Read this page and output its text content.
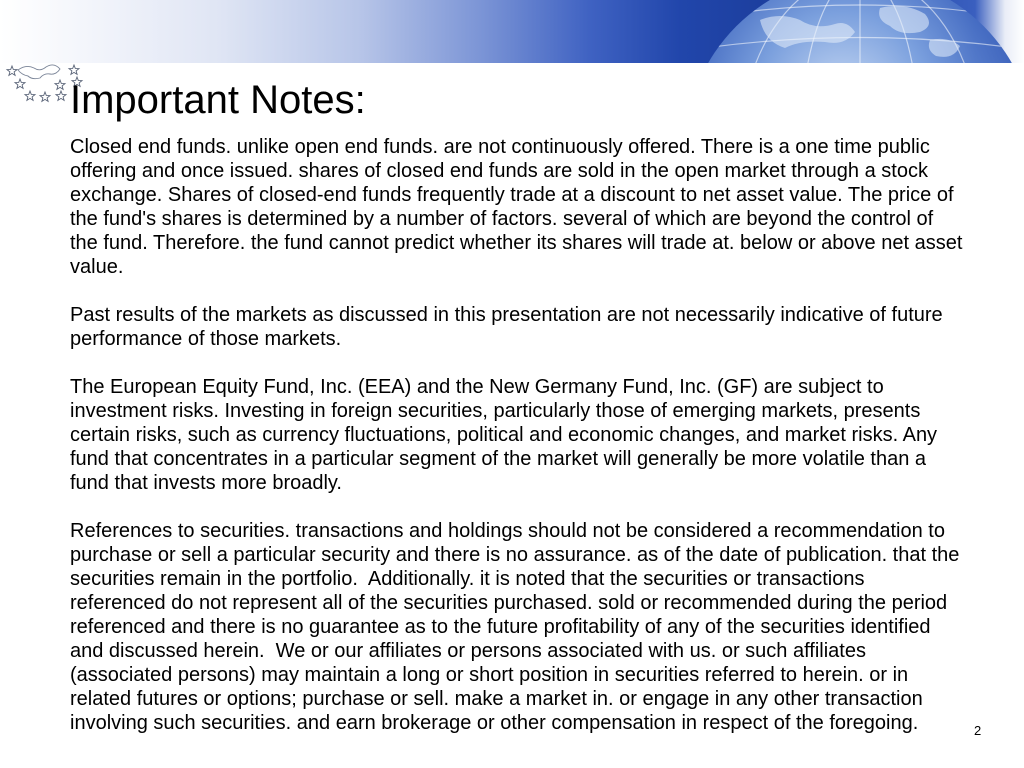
Important Notes:
Closed end funds. unlike open end funds. are not continuously offered. There is a one time public
offering and once issued. shares of closed end funds are sold in the open market through a stock
exchange. Shares of closed-end funds frequently trade at a discount to net asset value. The price of
the fund's shares is determined by a number of factors. several of which are beyond the control of
the fund. Therefore. the fund cannot predict whether its shares will trade at. below or above net asset
value.
Past results of the markets as discussed in this presentation are not necessarily indicative of future
performance of those markets.
The European Equity Fund, Inc. (EEA) and the New Germany Fund, Inc. (GF) are subject to
investment risks. Investing in foreign securities, particularly those of emerging markets, presents
certain risks, such as currency fluctuations, political and economic changes, and market risks. Any
fund that concentrates in a particular segment of the market will generally be more volatile than a
fund that invests more broadly.
References to securities. transactions and holdings should not be considered a recommendation to
purchase or sell a particular security and there is no assurance. as of the date of publication. that the
securities remain in the portfolio.  Additionally. it is noted that the securities or transactions
referenced do not represent all of the securities purchased. sold or recommended during the period
referenced and there is no guarantee as to the future profitability of any of the securities identified
and discussed herein.  We or our affiliates or persons associated with us. or such affiliates
(associated persons) may maintain a long or short position in securities referred to herein. or in
related futures or options; purchase or sell. make a market in. or engage in any other transaction
involving such securities. and earn brokerage or other compensation in respect of the foregoing.	2
